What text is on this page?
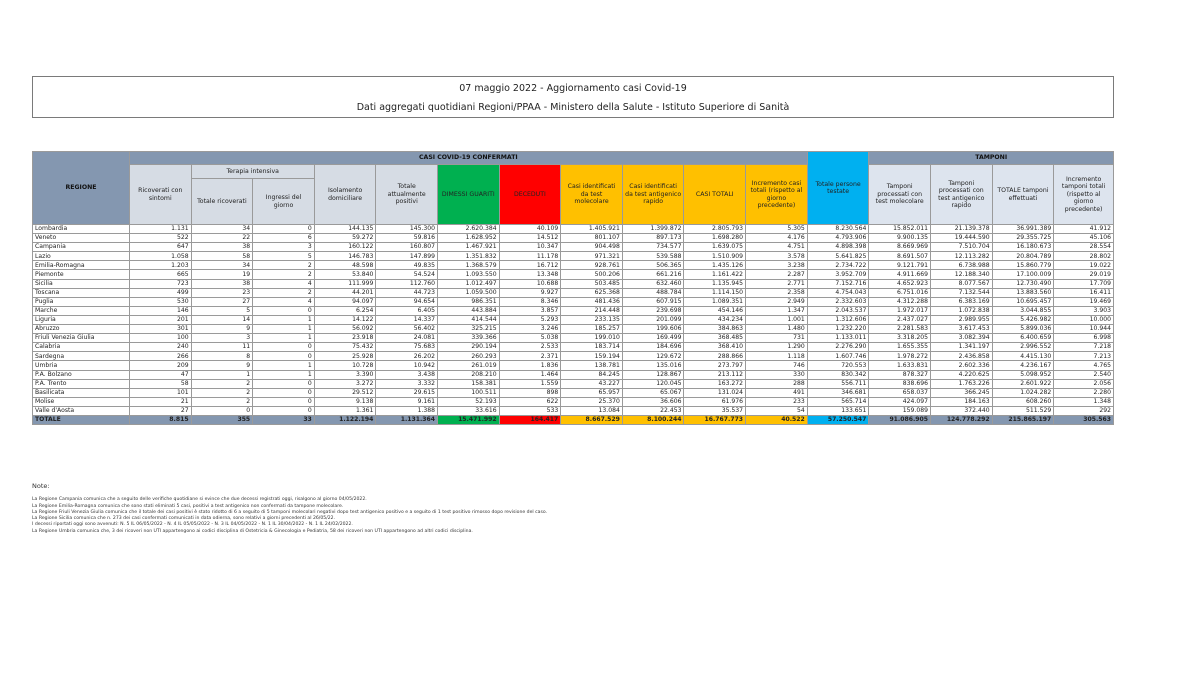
07 maggio 2022 - Aggiornamento casi Covid-19
Dati aggregati quotidiani Regioni/PPAA - Ministero della Salute - Istituto Superiore di Sanità
REGIONE	CASI COVID-19 CONFERMATI											Totale persone testate	TAMPONI			
	Ricoverati con sintomi	Terapia intensiva		Isolamento domiciliare	Totale attualmente positivi	DIMESSI GUARITI	DECEDUTI	Casi identificati da test molecolare	Casi identificati da test antigenico rapido	CASI TOTALI	Incremento casi totali (rispetto al giorno precedente)		Tamponi processati con test molecolare	Tamponi processati con test antigenico rapido	TOTALE tamponi effettuati	Incremento tamponi totali (rispetto al giorno precedente)
		Totale ricoverati	Ingressi del giorno													
Lombardia	1.131	34	0	144.135	145.300	2.620.384	40.109	1.405.921	1.399.872	2.805.793	5.305	8.230.564	15.852.011	21.139.378	36.991.389	41.912
Veneto	522	22	6	59.272	59.816	1.628.952	14.512	801.107	897.173	1.698.280	4.176	4.793.906	9.900.135	19.444.590	29.355.725	45.106
Campania	647	38	3	160.122	160.807	1.467.921	10.347	904.498	734.577	1.639.075	4.751	4.898.398	8.669.969	7.510.704	16.180.673	28.554
Lazio	1.058	58	5	146.783	147.899	1.351.832	11.178	971.321	539.588	1.510.909	3.578	5.641.825	8.691.507	12.113.282	20.804.789	28.802
Emilia-Romagna	1.203	34	2	48.598	49.835	1.368.579	16.712	928.761	506.365	1.435.126	3.238	2.734.722	9.121.791	6.738.988	15.860.779	19.022
Piemonte	665	19	2	53.840	54.524	1.093.550	13.348	500.206	661.216	1.161.422	2.287	3.952.709	4.911.669	12.188.340	17.100.009	29.019
Sicilia	723	38	4	111.999	112.760	1.012.497	10.688	503.485	632.460	1.135.945	2.771	7.152.716	4.652.923	8.077.567	12.730.490	17.709
Toscana	499	23	2	44.201	44.723	1.059.500	9.927	625.368	488.784	1.114.150	2.358	4.754.043	6.751.016	7.132.544	13.883.560	16.411
Puglia	530	27	4	94.097	94.654	986.351	8.346	481.436	607.915	1.089.351	2.949	2.332.603	4.312.288	6.383.169	10.695.457	19.469
Marche	146	5	0	6.254	6.405	443.884	3.857	214.448	239.698	454.146	1.347	2.043.537	1.972.017	1.072.838	3.044.855	3.903
Liguria	201	14	1	14.122	14.337	414.544	5.293	233.135	201.099	434.234	1.001	1.312.606	2.437.027	2.989.955	5.426.982	10.000
Abruzzo	301	9	1	56.092	56.402	325.215	3.246	185.257	199.606	384.863	1.480	1.232.220	2.281.583	3.617.453	5.899.036	10.944
Friuli Venezia Giulia	100	3	1	23.918	24.081	339.366	5.038	199.010	169.499	368.485	731	1.133.011	3.318.205	3.082.394	6.400.659	6.998
Calabria	240	11	0	75.432	75.683	290.194	2.533	183.714	184.696	368.410	1.290	2.276.290	1.655.355	1.341.197	2.996.552	7.218
Sardegna	266	8	0	25.928	26.202	260.293	2.371	159.194	129.672	288.866	1.118	1.607.746	1.978.272	2.436.858	4.415.130	7.213
Umbria	209	9	1	10.728	10.942	261.019	1.836	138.781	135.016	273.797	746	720.553	1.633.831	2.602.336	4.236.167	4.765
P.A. Bolzano	47	1	1	3.390	3.438	208.210	1.464	84.245	128.867	213.112	330	830.342	878.327	4.220.625	5.098.952	2.540
P.A. Trento	58	2	0	3.272	3.332	158.381	1.559	43.227	120.045	163.272	288	556.711	838.696	1.763.226	2.601.922	2.056
Basilicata	101	2	0	29.512	29.615	100.511	898	65.957	65.067	131.024	491	346.681	658.037	366.245	1.024.282	2.280
Molise	21	2	0	9.138	9.161	52.193	622	25.370	36.606	61.976	233	565.714	424.097	184.163	608.260	1.348
Valle d'Aosta	27	0	0	1.361	1.388	33.616	533	13.084	22.453	35.537	54	133.651	159.089	372.440	511.529	292
TOTALE	8.815	355	33	1.122.194	1.131.364	15.471.992	164.417	8.667.529	8.100.244	16.767.773	40.522	57.250.547	91.086.905	124.778.292	215.865.197	305.563
Note:
La Regione Campania comunica che a seguito delle verifiche quotidiane si evince che due decessi registrati oggi, risalgono al giorno 04/05/2022.
La Regione Emilia-Romagna comunica che sono stati eliminati 5 casi, positivi a test antigenico non confermati da tampone molecolare.
La Regione Friuli Venezia Giulia comunica che il totale dei casi positivi è stato ridotto di 6 a seguito di 5 tamponi molecolari negativi dopo test antigenico positivo e a seguito di 1 test positivo rimosso dopo revisione del caso.
La Regione Sicilia comunica che n. 273 dei casi confermati comunicati in data odierna, sono relativi a giorni precedenti al 26/05/22.
I decessi riportati oggi sono avvenuti: N. 5 IL 06/05/2022 - N. 4 IL 05/05/2022 - N. 3 IL 04/05/2022 - N. 1 IL 30/04/2022 - N. 1 IL 24/02/2022.
La Regione Umbria comunica che, 3 dei ricoveri non UTI appartengono ai codici disciplina di Ostetricia & Ginecologia e Pediatria, 58 dei ricoveri non UTI appartengono ad altri codici disciplina.
